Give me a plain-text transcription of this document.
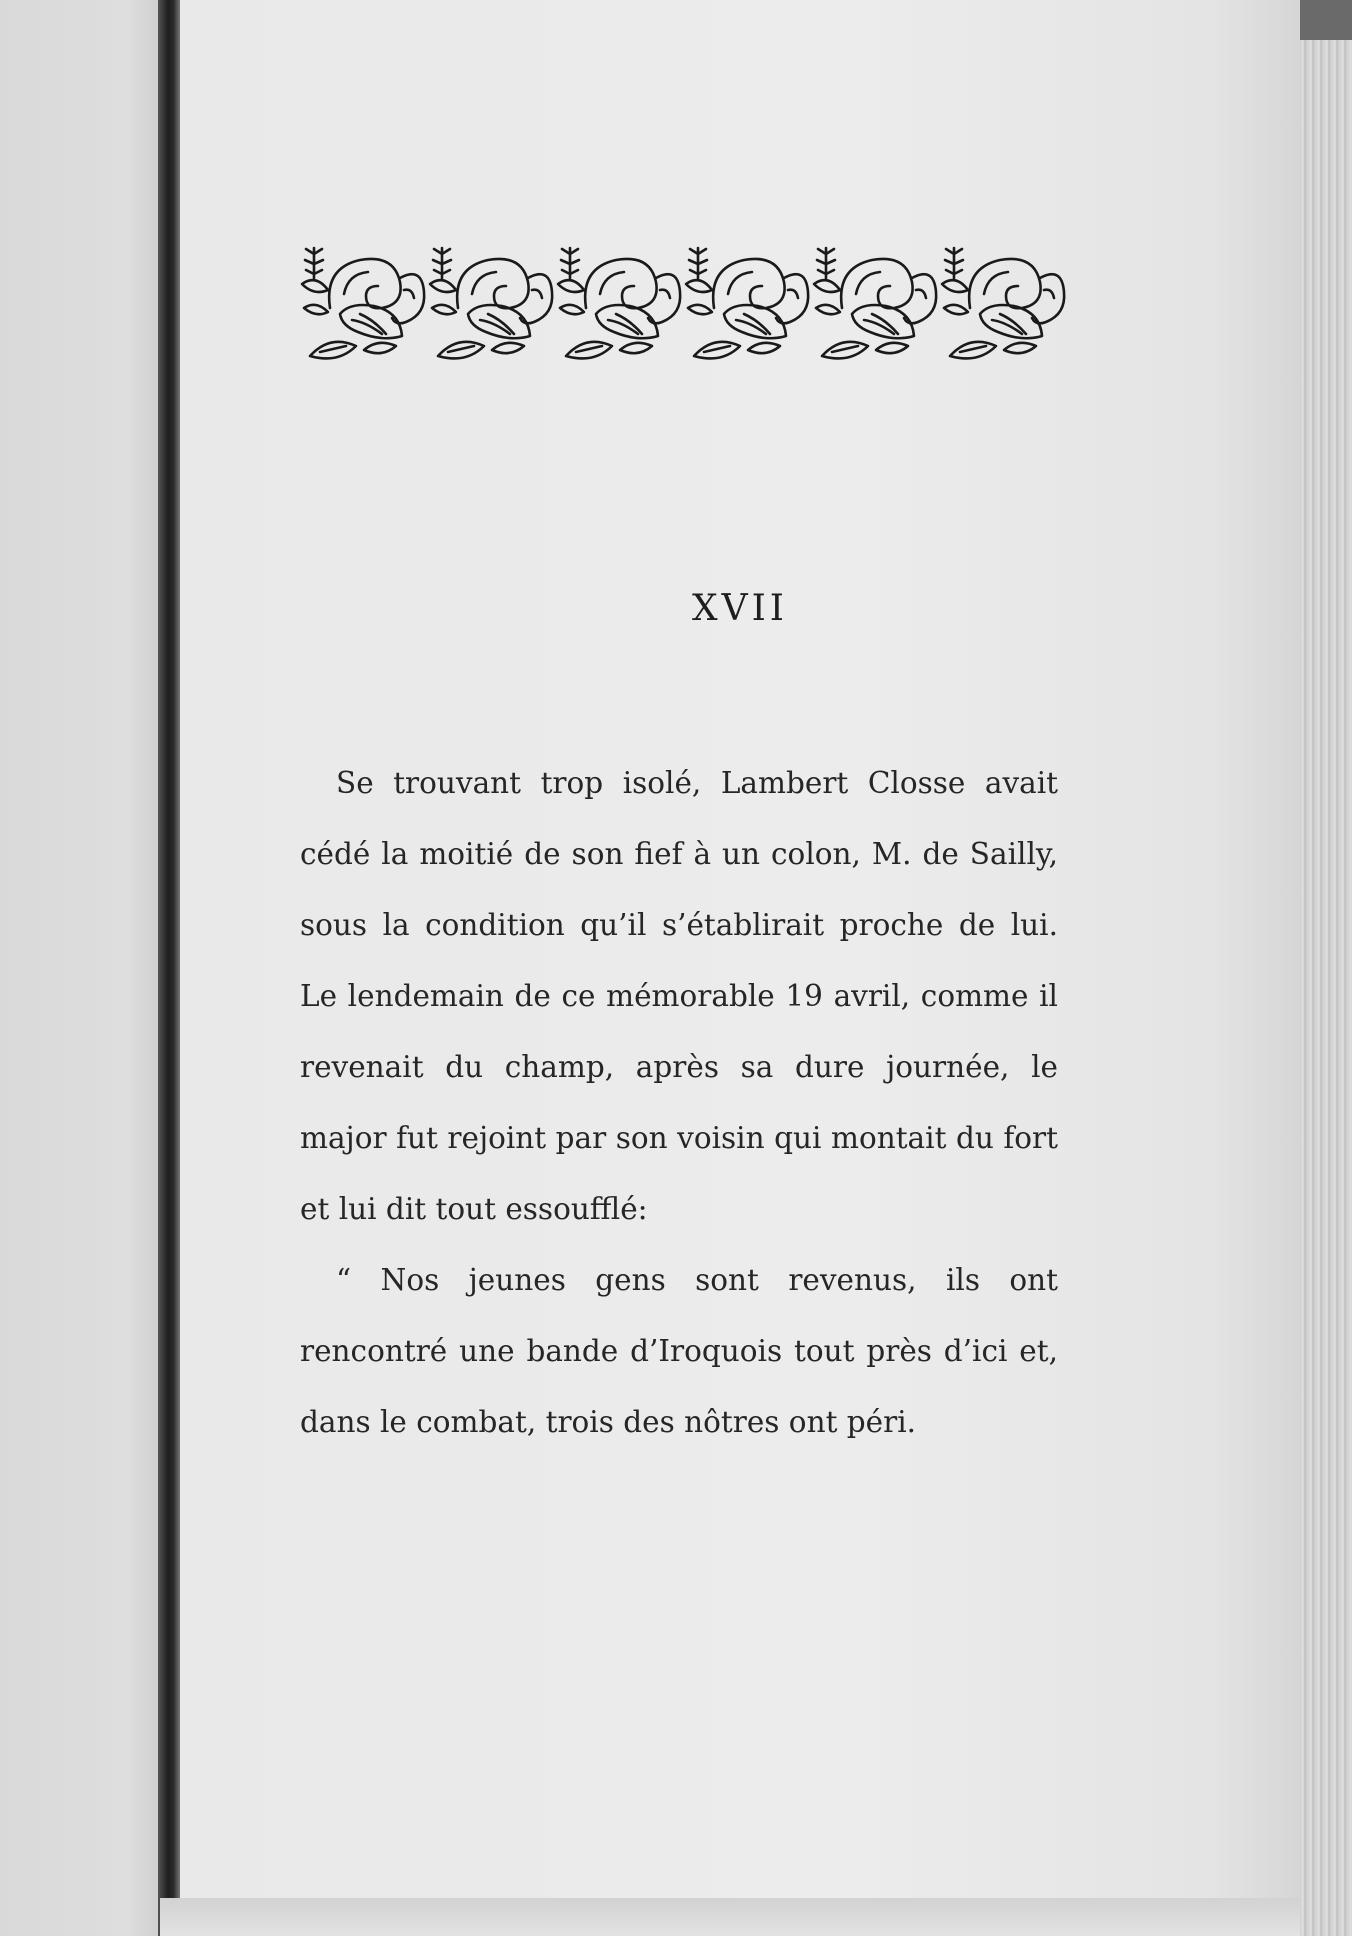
XVII

Se trouvant trop isolé, Lambert Closse avait cédé la moitié de son fief à un colon, M. de Sailly, sous la condition qu’il s’établirait proche de lui. Le lendemain de ce mémorable 19 avril, comme il revenait du champ, après sa dure journée, le major fut rejoint par son voisin qui montait du fort et lui dit tout essoufflé:

“ Nos jeunes gens sont revenus, ils ont rencontré une bande d’Iroquois tout près d’ici et, dans le combat, trois des nôtres ont péri.
